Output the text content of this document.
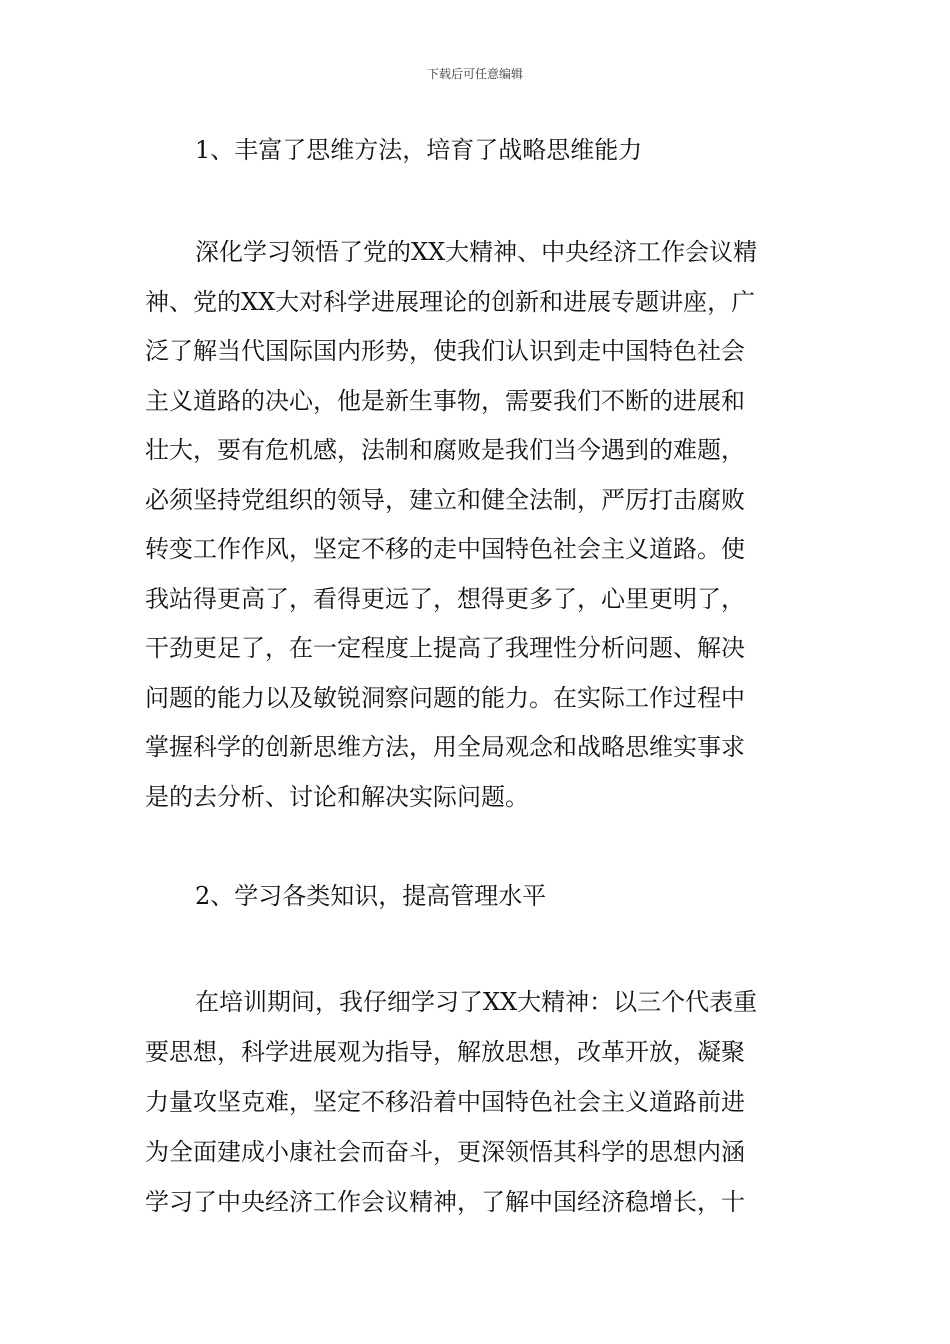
下载后可任意编辑
1、丰富了思维方法，培育了战略思维能力
深化学习领悟了党的XX大精神、中央经济工作会议精
神、党的XX大对科学进展理论的创新和进展专题讲座，广
泛了解当代国际国内形势，使我们认识到走中国特色社会
主义道路的决心，他是新生事物，需要我们不断的进展和
壮大，要有危机感，法制和腐败是我们当今遇到的难题，
必须坚持党组织的领导，建立和健全法制，严厉打击腐败
转变工作作风，坚定不移的走中国特色社会主义道路。使
我站得更高了，看得更远了，想得更多了，心里更明了，
干劲更足了，在一定程度上提高了我理性分析问题、解决
问题的能力以及敏锐洞察问题的能力。在实际工作过程中
掌握科学的创新思维方法，用全局观念和战略思维实事求
是的去分析、讨论和解决实际问题。
2、学习各类知识，提高管理水平
在培训期间，我仔细学习了XX大精神：以三个代表重
要思想，科学进展观为指导，解放思想，改革开放，凝聚
力量攻坚克难，坚定不移沿着中国特色社会主义道路前进
为全面建成小康社会而奋斗，更深领悟其科学的思想内涵
学习了中央经济工作会议精神，了解中国经济稳增长，十
